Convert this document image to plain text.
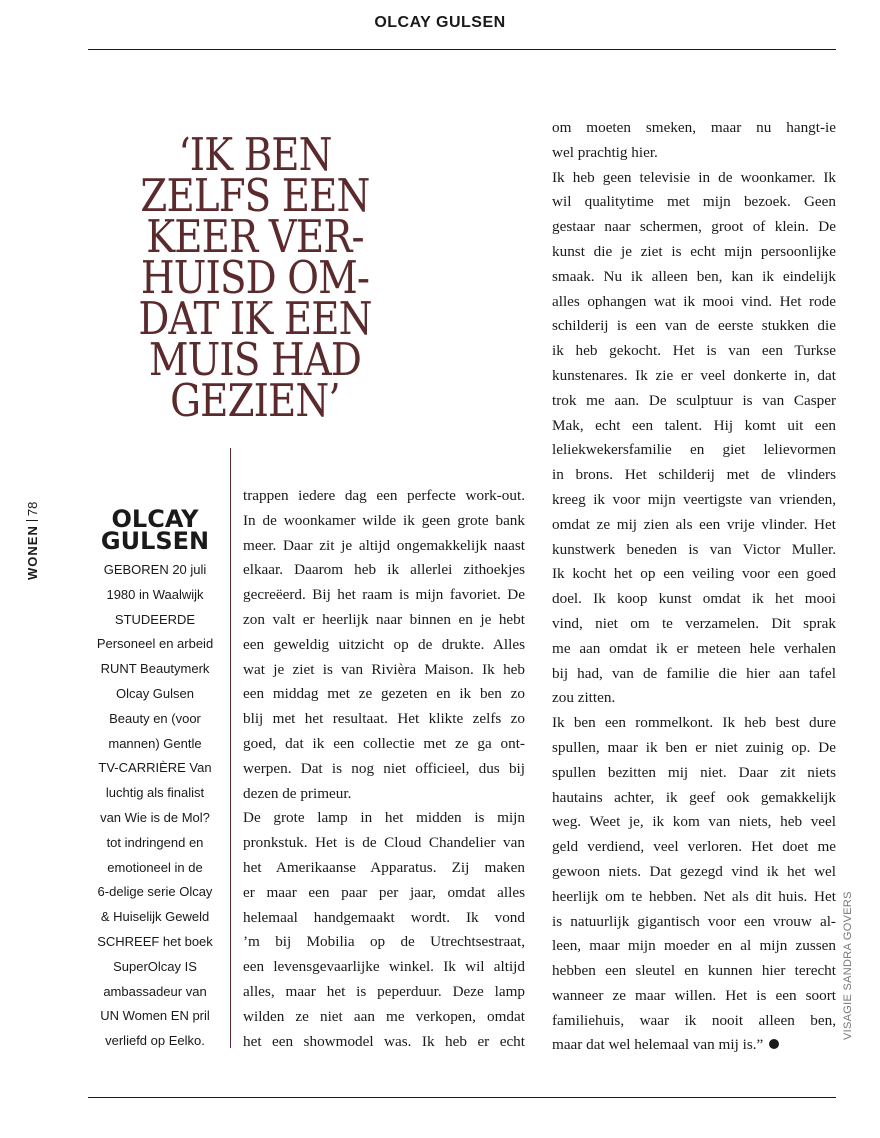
OLCAY GULSEN
‘IK BEN
ZELFS EEN
KEER VER-
HUISD OM-
DAT IK EEN
MUIS HAD
GEZIEN’
WONEN78	OLCAY
GULSEN
GEBOREN 20 juli
1980 in Waalwijk
STUDEERDE
Personeel en arbeid
RUNT Beautymerk
Olcay Gulsen
Beauty en (voor
mannen) Gentle
TV-CARRIÈRE Van
luchtig als finalist
van Wie is de Mol?
tot indringend en
emotioneel in de
6-delige serie Olcay
& Huiselijk Geweld
SCHREEF het boek
SuperOlcay IS
ambassadeur van
UN Women EN pril
verliefd op Eelko.
trappen iedere dag een perfecte work-out.
In de woonkamer wilde ik geen grote bank
meer. Daar zit je altijd ongemakkelijk naast
elkaar. Daarom heb ik allerlei zithoekjes
gecreëerd. Bij het raam is mijn favoriet. De
zon valt er heerlijk naar binnen en je hebt
een geweldig uitzicht op de drukte. Alles
wat je ziet is van Rivièra Maison. Ik heb
een middag met ze gezeten en ik ben zo
blij met het resultaat. Het klikte zelfs zo
goed, dat ik een collectie met ze ga ont-
werpen. Dat is nog niet officieel, dus bij
dezen de primeur.
De grote lamp in het midden is mijn
pronkstuk. Het is de Cloud Chandelier van
het Amerikaanse Apparatus. Zij maken
er maar een paar per jaar, omdat alles
helemaal handgemaakt wordt. Ik vond
’m bij Mobilia op de Utrechtsestraat,
een levensgevaarlijke winkel. Ik wil altijd
alles, maar het is peperduur. Deze lamp
wilden ze niet aan me verkopen, omdat
het een showmodel was. Ik heb er echt
om moeten smeken, maar nu hangt-ie
wel prachtig hier.
Ik heb geen televisie in de woonkamer. Ik
wil qualitytime met mijn bezoek. Geen
gestaar naar schermen, groot of klein. De
kunst die je ziet is echt mijn persoonlijke
smaak. Nu ik alleen ben, kan ik eindelijk
alles ophangen wat ik mooi vind. Het rode
schilderij is een van de eerste stukken die
ik heb gekocht. Het is van een Turkse
kunstenares. Ik zie er veel donkerte in, dat
trok me aan. De sculptuur is van Casper
Mak, echt een talent. Hij komt uit een
leliekwekersfamilie en giet lelievormen
in brons. Het schilderij met de vlinders
kreeg ik voor mijn veertigste van vrienden,
omdat ze mij zien als een vrije vlinder. Het
kunstwerk beneden is van Victor Muller.
Ik kocht het op een veiling voor een goed
doel. Ik koop kunst omdat ik het mooi
vind, niet om te verzamelen. Dit sprak
me aan omdat ik er meteen hele verhalen
bij had, van de familie die hier aan tafel
zou zitten.
Ik ben een rommelkont. Ik heb best dure
spullen, maar ik ben er niet zuinig op. De
spullen bezitten mij niet. Daar zit niets
hautains achter, ik geef ook gemakkelijk
weg. Weet je, ik kom van niets, heb veel
geld verdiend, veel verloren. Het doet me
gewoon niets. Dat gezegd vind ik het wel
heerlijk om te hebben. Net als dit huis. Het
is natuurlijk gigantisch voor een vrouw al-
leen, maar mijn moeder en al mijn zussen
hebben een sleutel en kunnen hier terecht
wanneer ze maar willen. Het is een soort
familiehuis, waar ik nooit alleen ben,
maar dat wel helemaal van mij is.”
VISAGIE SANDRA GOVERS
